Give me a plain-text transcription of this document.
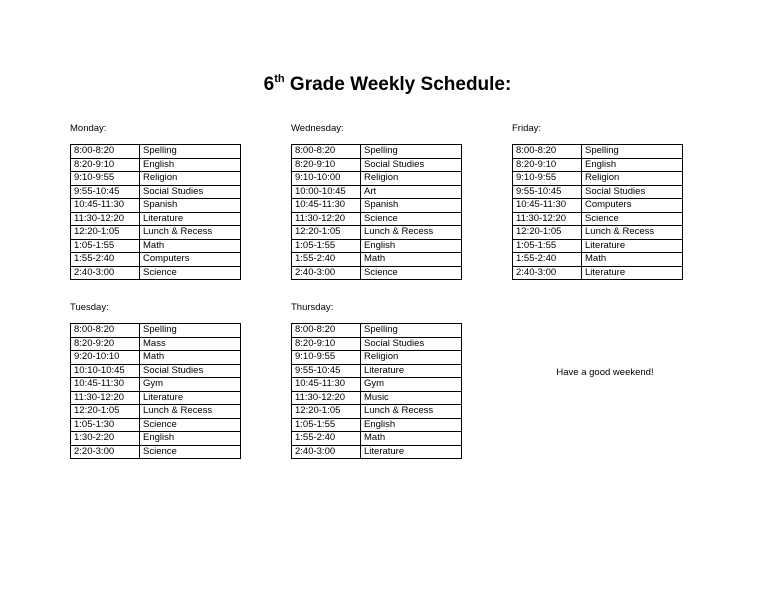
6th Grade Weekly Schedule:
Monday:
8:00-8:20	Spelling
8:20-9:10	English
9:10-9:55	Religion
9:55-10:45	Social Studies
10:45-11:30	Spanish
11:30-12:20	Literature
12:20-1:05	Lunch & Recess
1:05-1:55	Math
1:55-2:40	Computers
2:40-3:00	Science
Wednesday:
8:00-8:20	Spelling
8:20-9:10	Social Studies
9:10-10:00	Religion
10:00-10:45	Art
10:45-11:30	Spanish
11:30-12:20	Science
12:20-1:05	Lunch & Recess
1:05-1:55	English
1:55-2:40	Math
2:40-3:00	Science
Friday:
8:00-8:20	Spelling
8:20-9:10	English
9:10-9:55	Religion
9:55-10:45	Social Studies
10:45-11:30	Computers
11:30-12:20	Science
12:20-1:05	Lunch & Recess
1:05-1:55	Literature
1:55-2:40	Math
2:40-3:00	Literature
Tuesday:
8:00-8:20	Spelling
8:20-9:20	Mass
9:20-10:10	Math
10:10-10:45	Social Studies
10:45-11:30	Gym
11:30-12:20	Literature
12:20-1:05	Lunch & Recess
1:05-1:30	Science
1:30-2:20	English
2:20-3:00	Science
Thursday:
8:00-8:20	Spelling
8:20-9:10	Social Studies
9:10-9:55	Religion
9:55-10:45	Literature
10:45-11:30	Gym
11:30-12:20	Music
12:20-1:05	Lunch & Recess
1:05-1:55	English
1:55-2:40	Math
2:40-3:00	Literature
Have a good weekend!
